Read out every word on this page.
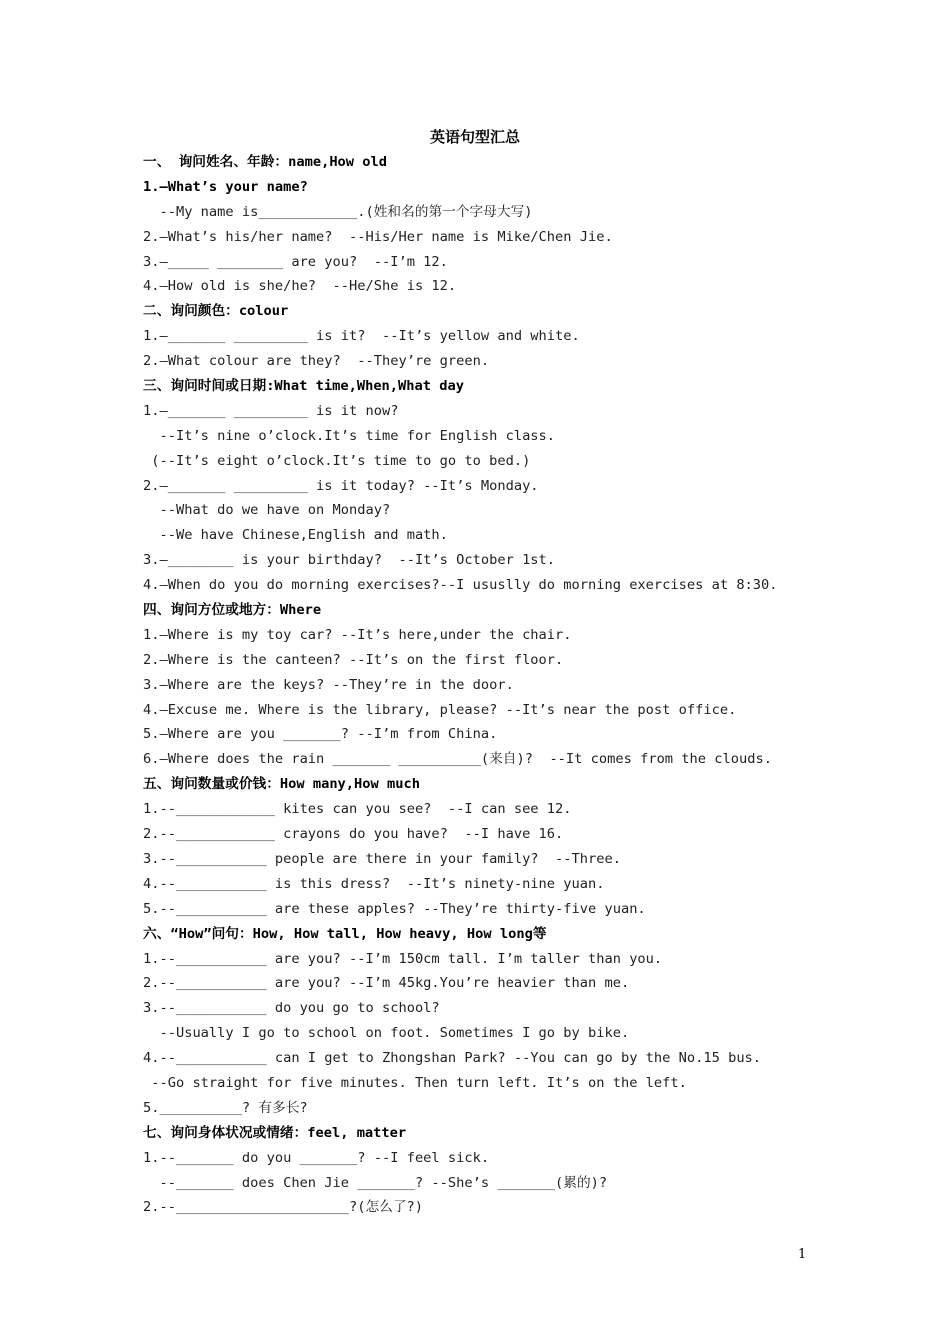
英语句型汇总
一、 询问姓名、年龄：name,How old
1.—What’s your name?
--My name is____________.(姓和名的第一个字母大写)
2.—What’s his/her name?  --His/Her name is Mike/Chen Jie.
3.—_____ ________ are you?  --I’m 12.
4.—How old is she/he?  --He/She is 12.
二、询问颜色：colour
1.—_______ _________ is it?  --It’s yellow and white.
2.—What colour are they?  --They’re green.
三、询问时间或日期:What time,When,What day
1.—_______ _________ is it now?
--It’s nine o’clock.It’s time for English class.
(--It’s eight o’clock.It’s time to go to bed.)
2.—_______ _________ is it today? --It’s Monday.
--What do we have on Monday?
--We have Chinese,English and math.
3.—________ is your birthday?  --It’s October 1st.
4.—When do you do morning exercises?--I ususlly do morning exercises at 8:30.
四、询问方位或地方：Where
1.—Where is my toy car? --It’s here,under the chair.
2.—Where is the canteen? --It’s on the first floor.
3.—Where are the keys? --They’re in the door.
4.—Excuse me. Where is the library, please? --It’s near the post office.
5.—Where are you _______? --I’m from China.
6.—Where does the rain _______ __________(来自)?  --It comes from the clouds.
五、询问数量或价钱：How many,How much
1.--____________ kites can you see?  --I can see 12.
2.--____________ crayons do you have?  --I have 16.
3.--___________ people are there in your family?  --Three.
4.--___________ is this dress?  --It’s ninety-nine yuan.
5.--___________ are these apples? --They’re thirty-five yuan.
六、“How”问句：How, How tall, How heavy, How long等
1.--___________ are you? --I’m 150cm tall. I’m taller than you.
2.--___________ are you? --I’m 45kg.You’re heavier than me.
3.--___________ do you go to school?
--Usually I go to school on foot. Sometimes I go by bike.
4.--___________ can I get to Zhongshan Park? --You can go by the No.15 bus.
--Go straight for five minutes. Then turn left. It’s on the left.
5.__________? 有多长?
七、询问身体状况或情绪：feel, matter
1.--_______ do you _______? --I feel sick.
--_______ does Chen Jie _______? --She’s _______(累的)?
2.--_____________________?(怎么了?)
1
